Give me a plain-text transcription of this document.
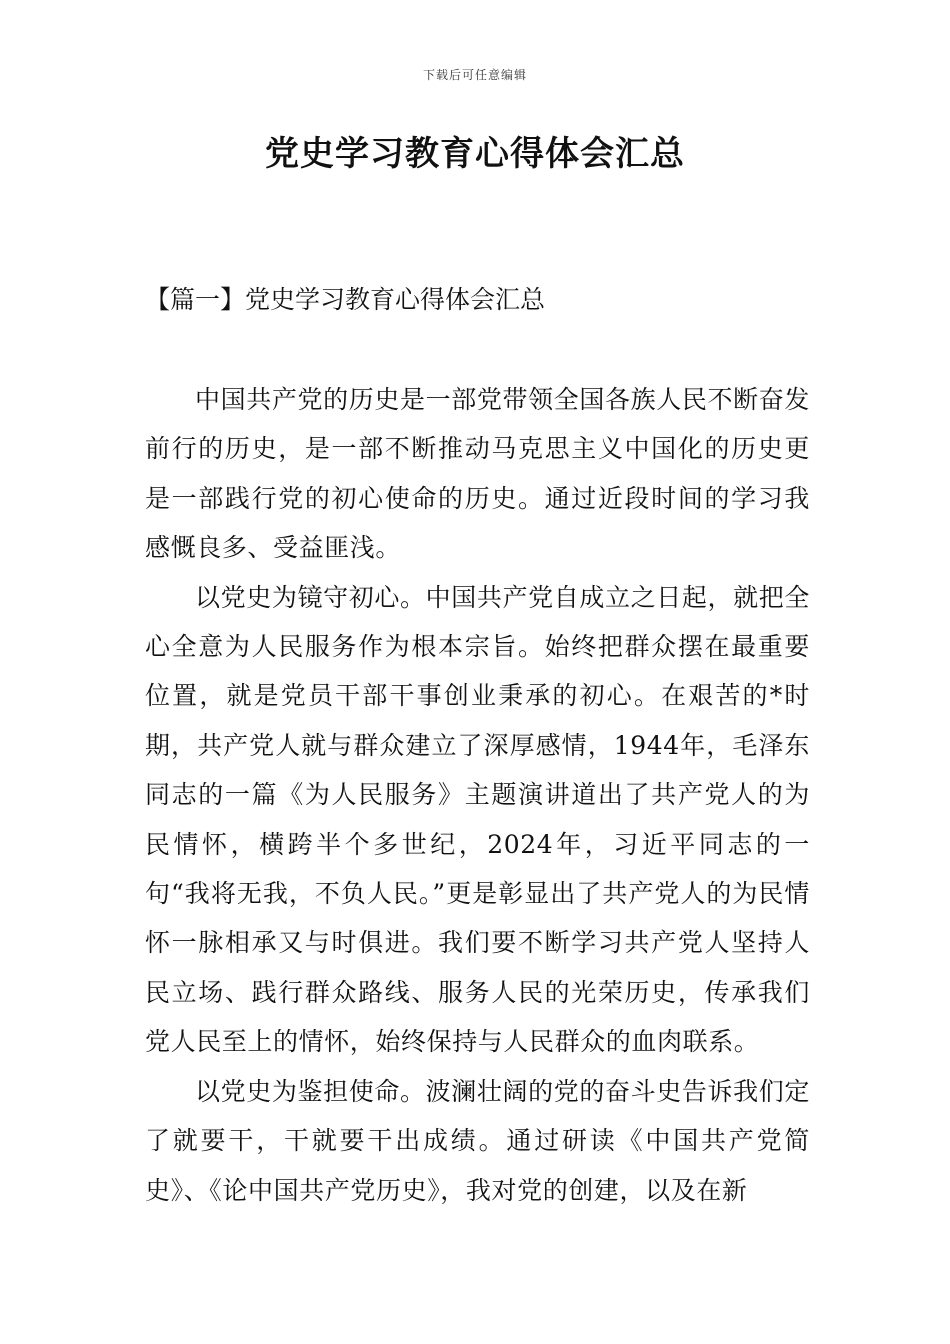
下载后可任意编辑
党史学习教育心得体会汇总
【篇一】党史学习教育心得体会汇总

中国共产党的历史是一部党带领全国各族人民不断奋发前行的历史，是一部不断推动马克思主义中国化的历史更是一部践行党的初心使命的历史。通过近段时间的学习我感慨良多、受益匪浅。

以党史为镜守初心。中国共产党自成立之日起，就把全心全意为人民服务作为根本宗旨。始终把群众摆在最重要位置，就是党员干部干事创业秉承的初心。在艰苦的*时期，共产党人就与群众建立了深厚感情，1944年，毛泽东同志的一篇《为人民服务》主题演讲道出了共产党人的为民情怀，横跨半个多世纪，2024年，习近平同志的一句“我将无我，不负人民。”更是彰显出了共产党人的为民情怀一脉相承又与时俱进。我们要不断学习共产党人坚持人民立场、践行群众路线、服务人民的光荣历史，传承我们党人民至上的情怀，始终保持与人民群众的血肉联系。

以党史为鉴担使命。波澜壮阔的党的奋斗史告诉我们定了就要干，干就要干出成绩。通过研读《中国共产党简史》、《论中国共产党历史》，我对党的创建，以及在新
